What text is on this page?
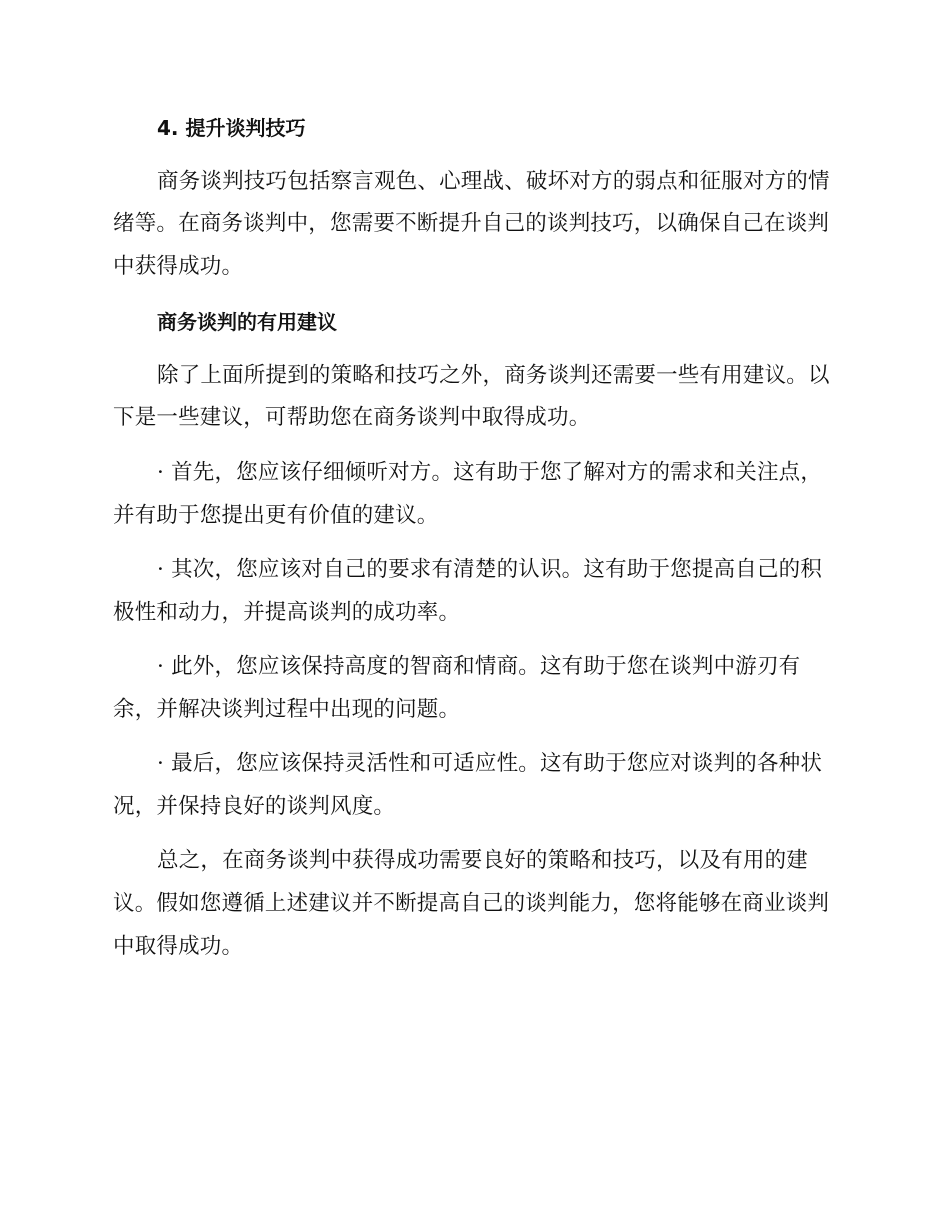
4. 提升谈判技巧
商务谈判技巧包括察言观色、心理战、破坏对方的弱点和征服对方的情
绪等。在商务谈判中，您需要不断提升自己的谈判技巧，以确保自己在谈判
中获得成功。
商务谈判的有用建议
除了上面所提到的策略和技巧之外，商务谈判还需要一些有用建议。以
下是一些建议，可帮助您在商务谈判中取得成功。
· 首先，您应该仔细倾听对方。这有助于您了解对方的需求和关注点，
并有助于您提出更有价值的建议。
· 其次，您应该对自己的要求有清楚的认识。这有助于您提高自己的积
极性和动力，并提高谈判的成功率。
· 此外，您应该保持高度的智商和情商。这有助于您在谈判中游刃有
余，并解决谈判过程中出现的问题。
· 最后，您应该保持灵活性和可适应性。这有助于您应对谈判的各种状
况，并保持良好的谈判风度。
总之，在商务谈判中获得成功需要良好的策略和技巧，以及有用的建
议。假如您遵循上述建议并不断提高自己的谈判能力，您将能够在商业谈判
中取得成功。
